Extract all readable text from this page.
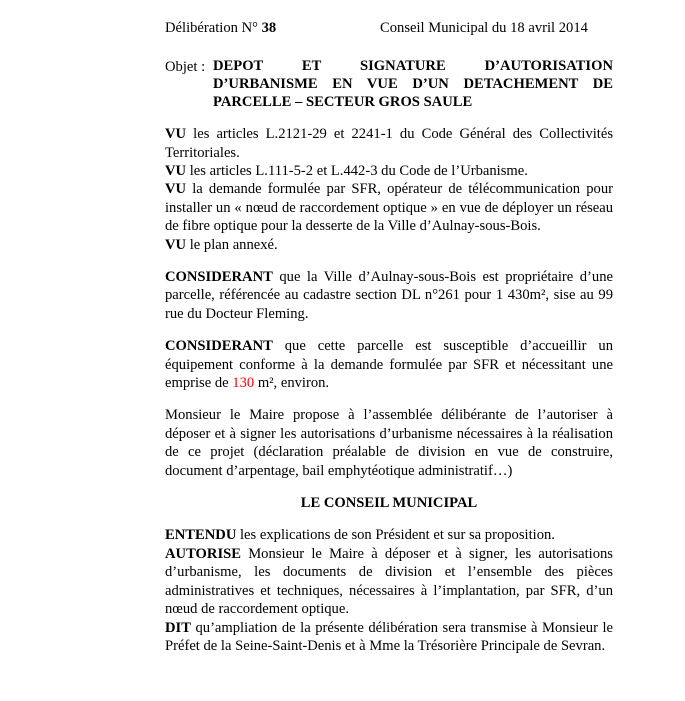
Délibération N° 38	Conseil Municipal du 18 avril 2014
Objet : DEPOT ET SIGNATURE D’AUTORISATION D’URBANISME EN VUE D’UN DETACHEMENT DE PARCELLE – SECTEUR GROS SAULE

VU les articles L.2121-29 et 2241-1 du Code Général des Collectivités Territoriales.

VU les articles L.111-5-2 et L.442-3 du Code de l’Urbanisme.

VU la demande formulée par SFR, opérateur de télécommunication pour installer un « nœud de raccordement optique » en vue de déployer un réseau de fibre optique pour la desserte de la Ville d’Aulnay-sous-Bois.

VU le plan annexé.

CONSIDERANT que la Ville d’Aulnay-sous-Bois est propriétaire d’une parcelle, référencée au cadastre section DL n°261 pour 1 430m², sise au 99 rue du Docteur Fleming.

CONSIDERANT que cette parcelle est susceptible d’accueillir un équipement conforme à la demande formulée par SFR et nécessitant une emprise de 130 m², environ.

Monsieur le Maire propose à l’assemblée délibérante de l’autoriser à déposer et à signer les autorisations d’urbanisme nécessaires à la réalisation de ce projet (déclaration préalable de division en vue de construire, document d’arpentage, bail emphytéotique administratif…)

LE CONSEIL MUNICIPAL

ENTENDU les explications de son Président et sur sa proposition.

AUTORISE Monsieur le Maire à déposer et à signer, les autorisations d’urbanisme, les documents de division et l’ensemble des pièces administratives et techniques, nécessaires à l’implantation, par SFR, d’un nœud de raccordement optique.

DIT qu’ampliation de la présente délibération sera transmise à Monsieur le Préfet de la Seine-Saint-Denis et à Mme la Trésorière Principale de Sevran.
